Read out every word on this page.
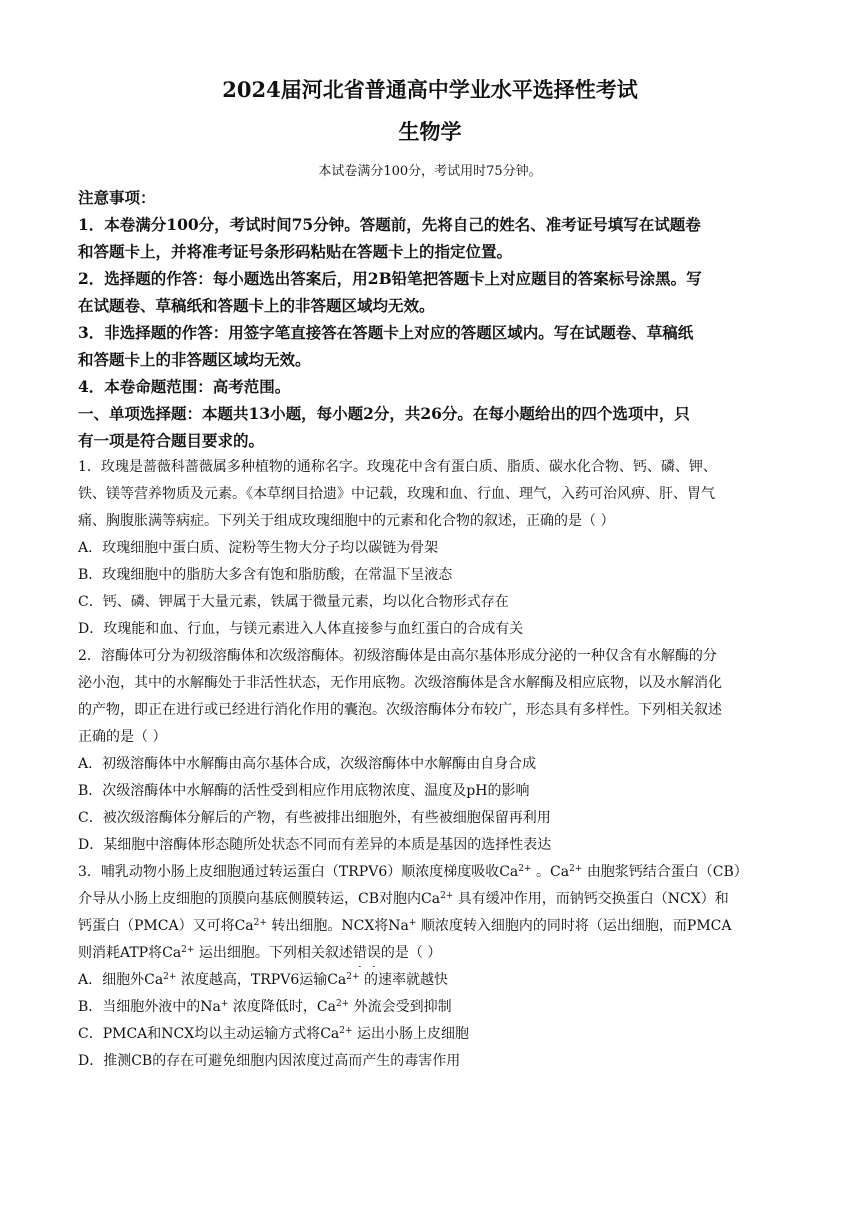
2024届河北省普通高中学业水平选择性考试
生物学
本试卷满分100分，考试用时75分钟。
注意事项：
1．本卷满分100分，考试时间75分钟。答题前，先将自己的姓名、准考证号填写在试题卷
和答题卡上，并将准考证号条形码粘贴在答题卡上的指定位置。
2．选择题的作答：每小题选出答案后，用2B铅笔把答题卡上对应题目的答案标号涂黑。写
在试题卷、草稿纸和答题卡上的非答题区域均无效。
3．非选择题的作答：用签字笔直接答在答题卡上对应的答题区域内。写在试题卷、草稿纸
和答题卡上的非答题区域均无效。
4．本卷命题范围：高考范围。
一、单项选择题：本题共13小题，每小题2分，共26分。在每小题给出的四个选项中，只
有一项是符合题目要求的。
1．玫瑰是蔷薇科蔷薇属多种植物的通称名字。玫瑰花中含有蛋白质、脂质、碳水化合物、钙、磷、钾、
铁、镁等营养物质及元素。《本草纲目拾遗》中记载，玫瑰和血、行血、理气，入药可治风痹、肝、胃气
痛、胸腹胀满等病症。下列关于组成玫瑰细胞中的元素和化合物的叙述，正确的是（ ）
A．玫瑰细胞中蛋白质、淀粉等生物大分子均以碳链为骨架
B．玫瑰细胞中的脂肪大多含有饱和脂肪酸，在常温下呈液态
C．钙、磷、钾属于大量元素，铁属于微量元素，均以化合物形式存在
D．玫瑰能和血、行血，与镁元素进入人体直接参与血红蛋白的合成有关
2．溶酶体可分为初级溶酶体和次级溶酶体。初级溶酶体是由高尔基体形成分泌的一种仅含有水解酶的分
泌小泡，其中的水解酶处于非活性状态，无作用底物。次级溶酶体是含水解酶及相应底物，以及水解消化
的产物，即正在进行或已经进行消化作用的囊泡。次级溶酶体分布较广，形态具有多样性。下列相关叙述
正确的是（ ）
A．初级溶酶体中水解酶由高尔基体合成，次级溶酶体中水解酶由自身合成
B．次级溶酶体中水解酶的活性受到相应作用底物浓度、温度及pH的影响
C．被次级溶酶体分解后的产物，有些被排出细胞外，有些被细胞保留再利用
D．某细胞中溶酶体形态随所处状态不同而有差异的本质是基因的选择性表达
3．哺乳动物小肠上皮细胞通过转运蛋白（TRPV6）顺浓度梯度吸收$Ca^{2+}$ 。$Ca^{2+}$ 由胞浆钙结合蛋白（CB）
介导从小肠上皮细胞的顶膜向基底侧膜转运，CB对胞内$Ca^{2+}$ 具有缓冲作用，而钠钙交换蛋白（NCX）和
钙蛋白（PMCA）又可将$Ca^{2+}$ 转出细胞。NCX将Na+ 顺浓度转入细胞内的同时将（运出细胞，而PMCA
则消耗ATP将$Ca^{2+}$ 运出细胞。下列相关叙述错误的是（ ）
A．细胞外$Ca^{2+}$ 浓度越高，TRPV6运输$Ca^{2+}$ 的速率就越快
B．当细胞外液中的Na+ 浓度降低时，$Ca^{2+}$ 外流会受到抑制
C．PMCA和NCX均以主动运输方式将$Ca^{2+}$ 运出小肠上皮细胞
D．推测CB的存在可避免细胞内因浓度过高而产生的毒害作用
